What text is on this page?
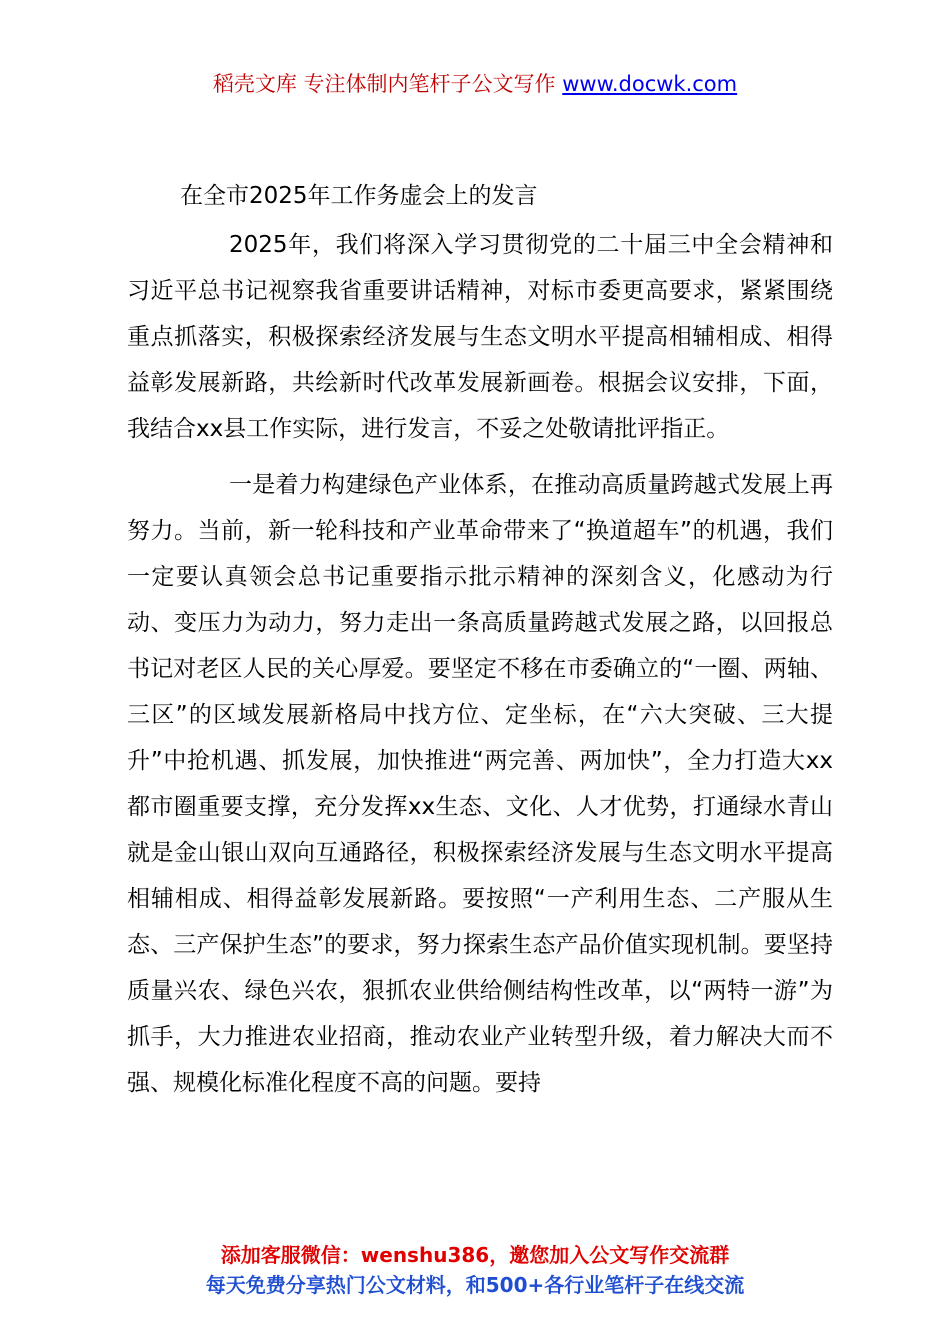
稻壳文库 专注体制内笔杆子公文写作 www.docwk.com
在全市2025年工作务虚会上的发言

2025年，我们将深入学习贯彻党的二十届三中全会精神和习近平总书记视察我省重要讲话精神，对标市委更高要求，紧紧围绕重点抓落实，积极探索经济发展与生态文明水平提高相辅相成、相得益彰发展新路，共绘新时代改革发展新画卷。根据会议安排，下面，我结合xx县工作实际，进行发言，不妥之处敬请批评指正。

一是着力构建绿色产业体系，在推动高质量跨越式发展上再努力。当前，新一轮科技和产业革命带来了“换道超车”的机遇，我们一定要认真领会总书记重要指示批示精神的深刻含义，化感动为行动、变压力为动力，努力走出一条高质量跨越式发展之路，以回报总书记对老区人民的关心厚爱。要坚定不移在市委确立的“一圈、两轴、三区”的区域发展新格局中找方位、定坐标，在“六大突破、三大提升”中抢机遇、抓发展，加快推进“两完善、两加快”，全力打造大xx都市圈重要支撑，充分发挥xx生态、文化、人才优势，打通绿水青山就是金山银山双向互通路径，积极探索经济发展与生态文明水平提高相辅相成、相得益彰发展新路。要按照“一产利用生态、二产服从生态、三产保护生态”的要求，努力探索生态产品价值实现机制。要坚持质量兴农、绿色兴农，狠抓农业供给侧结构性改革，以“两特一游”为抓手，大力推进农业招商，推动农业产业转型升级，着力解决大而不强、规模化标准化程度不高的问题。要持

添加客服微信：wenshu386，邀您加入公文写作交流群
每天免费分享热门公文材料，和500+各行业笔杆子在线交流
